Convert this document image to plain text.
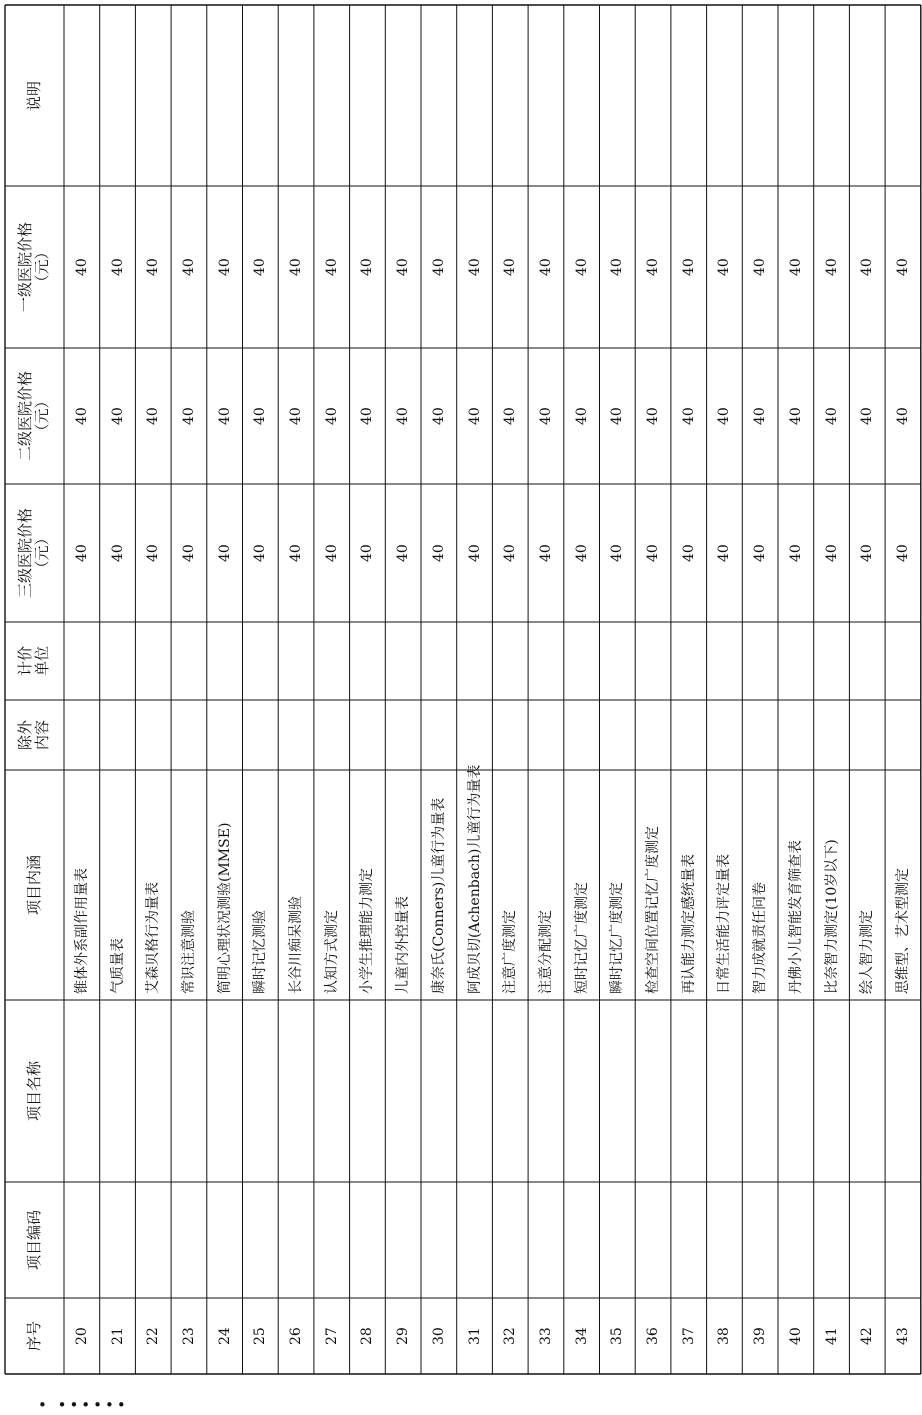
说明
一级医院价格
（元）
二级医院价格
（元）
三级医院价格
（元）
计价
单位
除外
内容
项目内涵
项目名称
项目编码
序号
40
40
40
锥体外系副作用量表
20
40
40
40
气质量表
21
40
40
40
艾森贝格行为量表
22
40
40
40
常识注意测验
23
40
40
40
简明心理状况测验(MMSE)
24
40
40
40
瞬时记忆测验
25
40
40
40
长谷川痴呆测验
26
40
40
40
认知方式测定
27
40
40
40
小学生推理能力测定
28
40
40
40
儿童内外控量表
29
40
40
40
康奈氏(Conners)儿童行为量表
30
40
40
40
阿成贝切(Achenbach)儿童行为量表
31
40
40
40
注意广度测定
32
40
40
40
注意分配测定
33
40
40
40
短时记忆广度测定
34
40
40
40
瞬时记忆广度测定
35
40
40
40
检查空间位置记忆广度测定
36
40
40
40
再认能力测定感统量表
37
40
40
40
日常生活能力评定量表
38
40
40
40
智力成就责任问卷
39
40
40
40
丹佛小儿智能发育筛查表
40
40
40
40
比奈智力测定(10岁以下)
41
40
40
40
绘人智力测定
42
40
40
40
思维型、艺术型测定
43
• ••••••
